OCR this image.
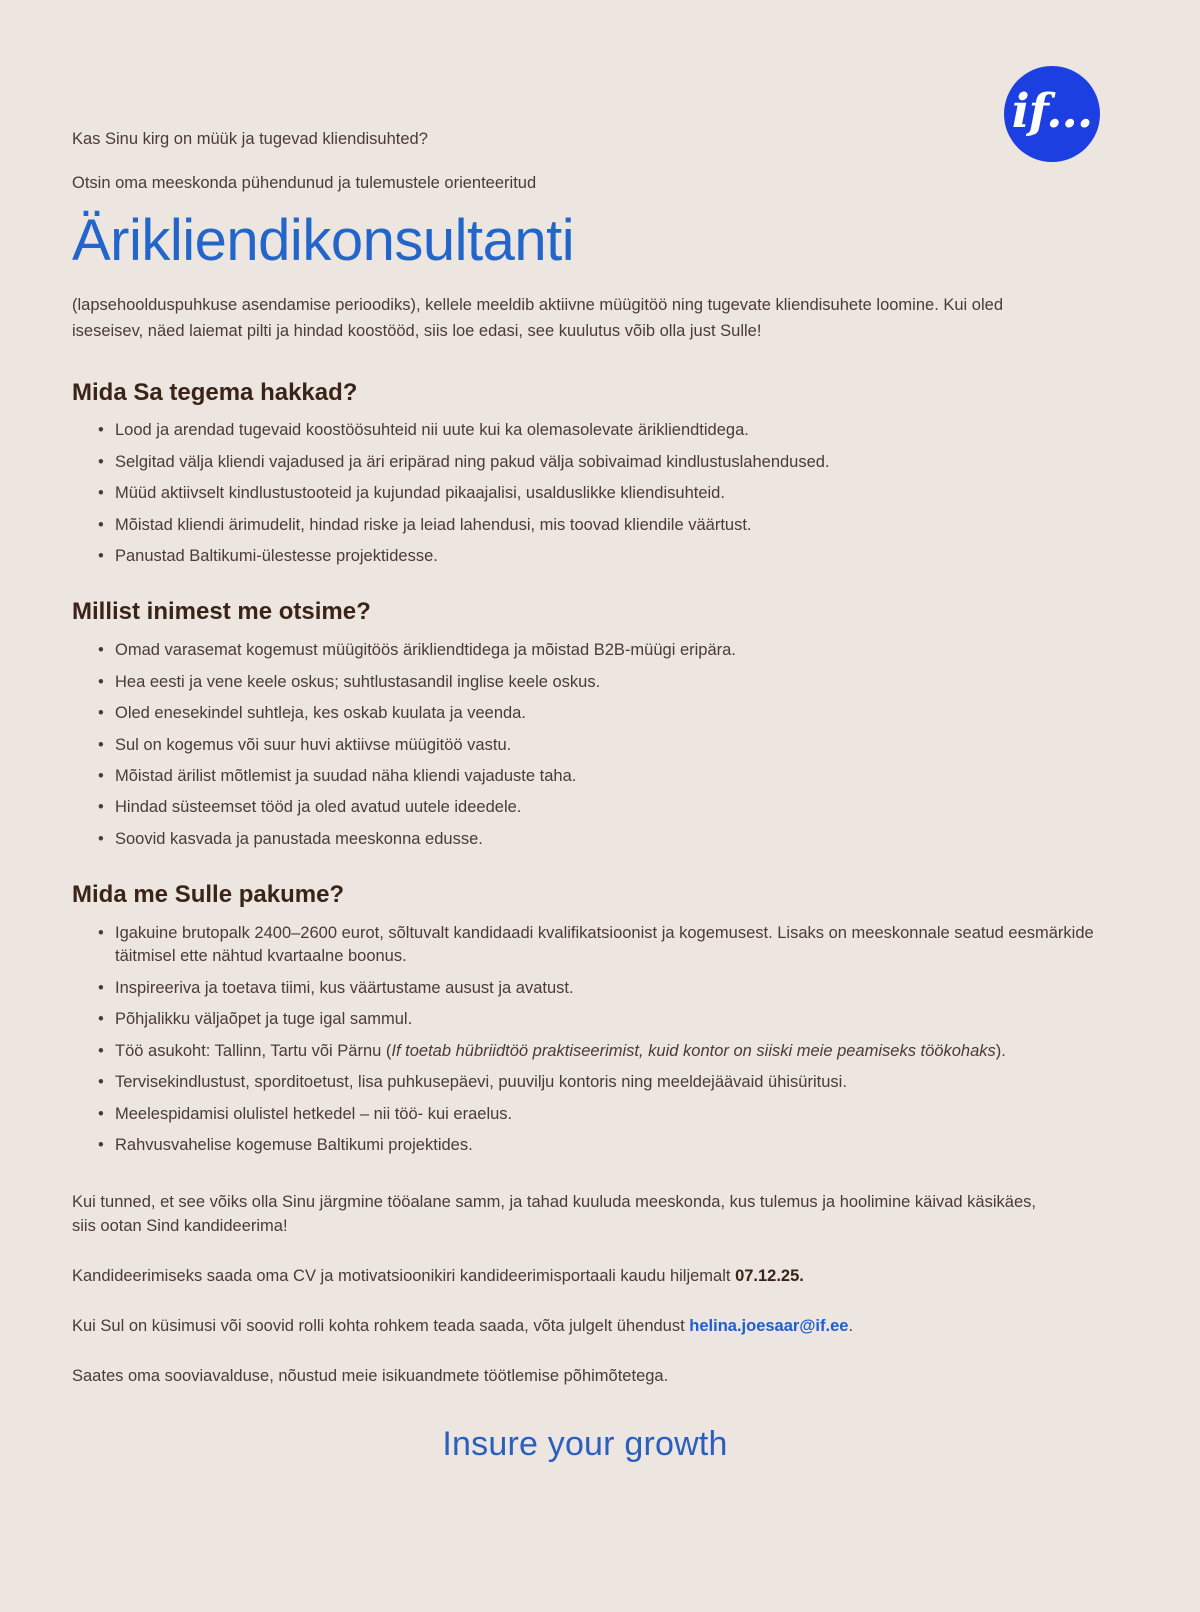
if...

Kas Sinu kirg on müük ja tugevad kliendisuhted?

Otsin oma meeskonda pühendunud ja tulemustele orienteeritud

Ärikliendikonsultanti

(lapsehoolduspuhkuse asendamise perioodiks), kellele meeldib aktiivne müügitöö ning tugevate kliendisuhete loomine. Kui oled iseseisev, näed laiemat pilti ja hindad koostööd, siis loe edasi, see kuulutus võib olla just Sulle!

Mida Sa tegema hakkad?
• Lood ja arendad tugevaid koostöösuhteid nii uute kui ka olemasolevate ärikliendtidega.
• Selgitad välja kliendi vajadused ja äri eripärad ning pakud välja sobivaimad kindlustuslahendused.
• Müüd aktiivselt kindlustustooteid ja kujundad pikaajalisi, usalduslikke kliendisuhteid.
• Mõistad kliendi ärimudelit, hindad riske ja leiad lahendusi, mis toovad kliendile väärtust.
• Panustad Baltikumi-ülestesse projektidesse.
Millist inimest me otsime?
• Omad varasemat kogemust müügitöös ärikliendtidega ja mõistad B2B-müügi eripära.
• Hea eesti ja vene keele oskus; suhtlustasandil inglise keele oskus.
• Oled enesekindel suhtleja, kes oskab kuulata ja veenda.
• Sul on kogemus või suur huvi aktiivse müügitöö vastu.
• Mõistad ärilist mõtlemist ja suudad näha kliendi vajaduste taha.
• Hindad süsteemset tööd ja oled avatud uutele ideedele.
• Soovid kasvada ja panustada meeskonna edusse.
Mida me Sulle pakume?
• Igakuine brutopalk 2400–2600 eurot, sõltuvalt kandidaadi kvalifikatsioonist ja kogemusest. Lisaks on meeskonnale seatud eesmärkide täitmisel ette nähtud kvartaalne boonus.
• Inspireeriva ja toetava tiimi, kus väärtustame ausust ja avatust.
• Põhjalikku väljaõpet ja tuge igal sammul.
• Töö asukoht: Tallinn, Tartu või Pärnu (If toetab hübriidtöö praktiseerimist, kuid kontor on siiski meie peamiseks töökohaks).
• Tervisekindlustust, sporditoetust, lisa puhkusepäevi, puuvilju kontoris ning meeldejäävaid ühisüritusi.
• Meelespidamisi olulistel hetkedel – nii töö- kui eraelus.
• Rahvusvahelise kogemuse Baltikumi projektides.

Kui tunned, et see võiks olla Sinu järgmine tööalane samm, ja tahad kuuluda meeskonda, kus tulemus ja hoolimine käivad käsikäes, siis ootan Sind kandideerima!

Kandideerimiseks saada oma CV ja motivatsioonikiri kandideerimisportaali kaudu hiljemalt 07.12.25.

Kui Sul on küsimusi või soovid rolli kohta rohkem teada saada, võta julgelt ühendust helina.joesaar@if.ee.

Saates oma sooviavalduse, nõustud meie isikuandmete töötlemise põhimõtetega.

Insure your growth
